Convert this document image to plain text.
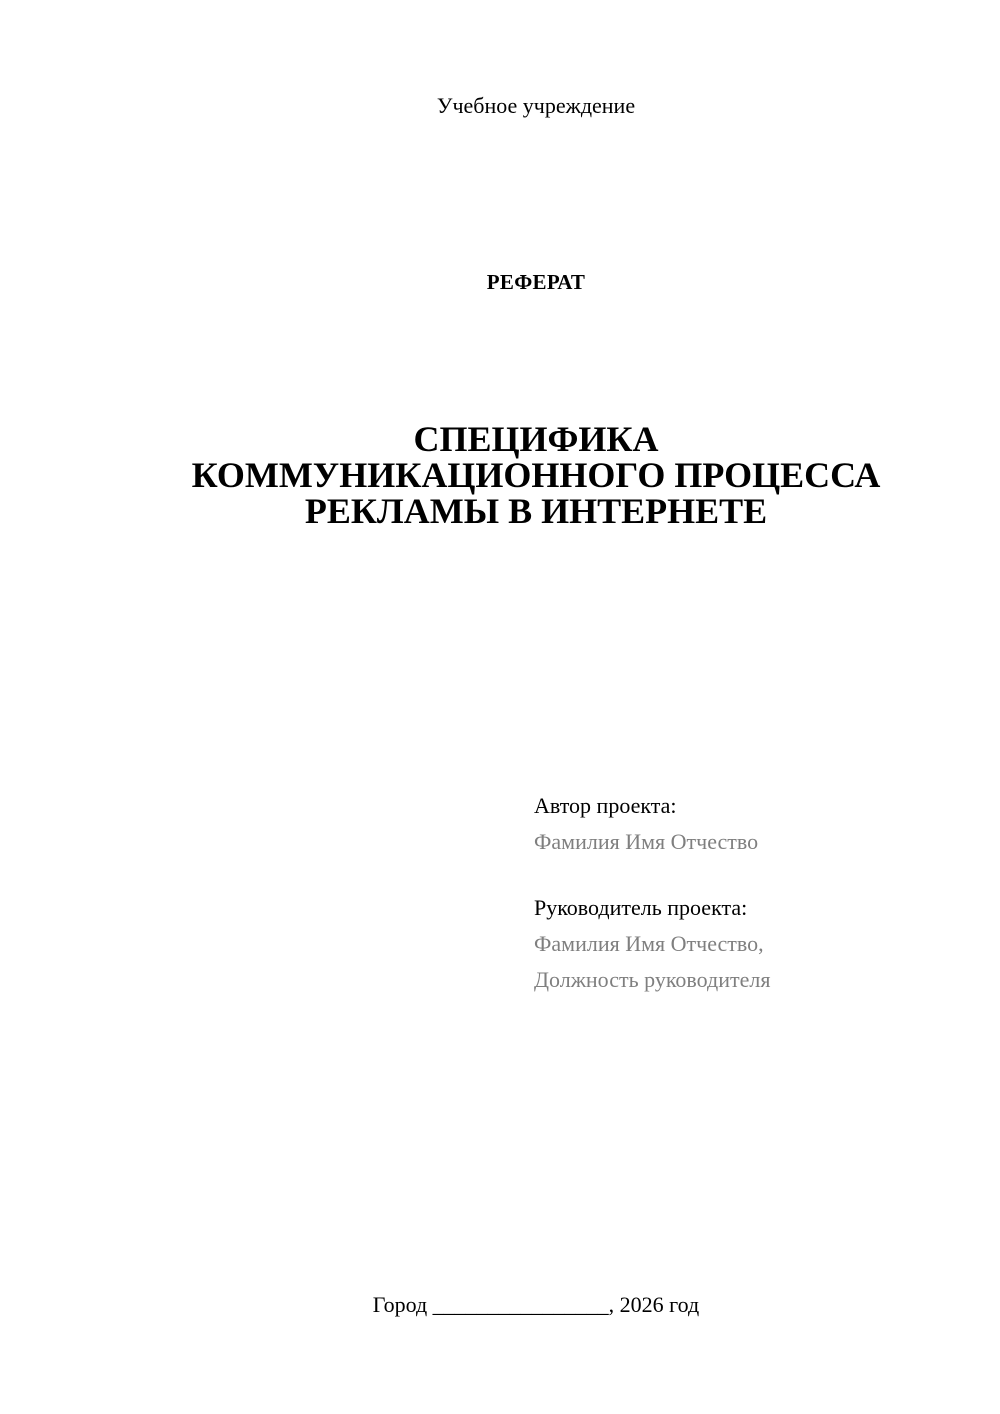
Учебное учреждение
РЕФЕРАТ
СПЕЦИФИКА
КОММУНИКАЦИОННОГО ПРОЦЕССА
РЕКЛАМЫ В ИНТЕРНЕТЕ
Автор проекта:
Фамилия Имя Отчество
Руководитель проекта:
Фамилия Имя Отчество,
Должность руководителя
Город ________________, 2026 год
